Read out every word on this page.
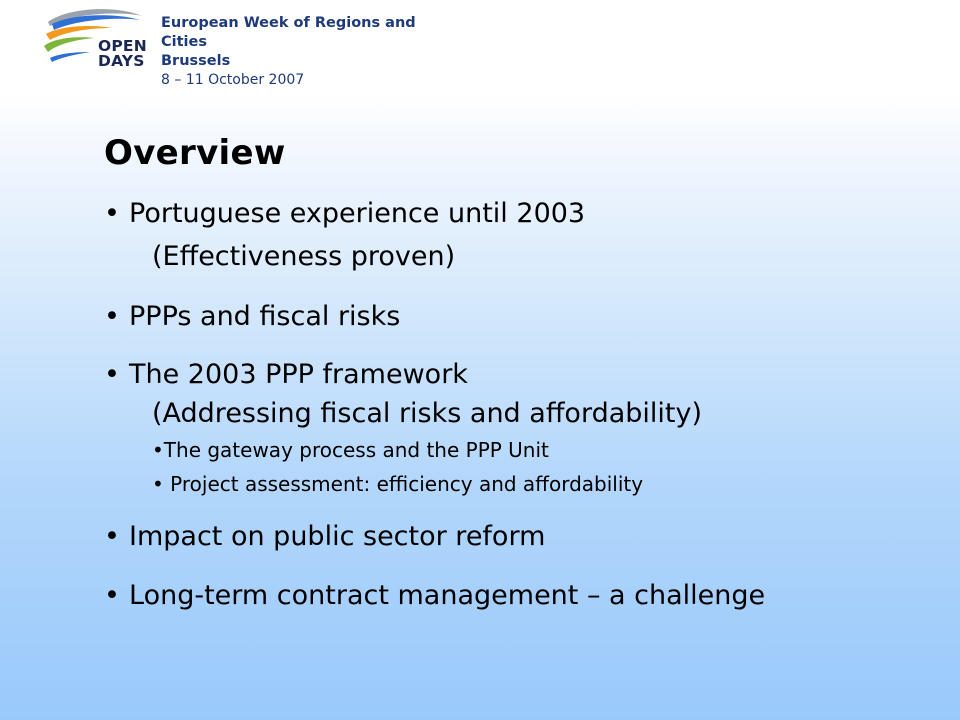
OPEN
DAYS
European Week of Regions and Cities
Brussels
8 – 11 October 2007
Overview
• Portuguese experience until 2003
(Effectiveness proven)
• PPPs and fiscal risks
• The 2003 PPP framework
(Addressing fiscal risks and affordability)
•The gateway process and the PPP Unit
• Project assessment: efficiency and affordability
• Impact on public sector reform
• Long-term contract management – a challenge
